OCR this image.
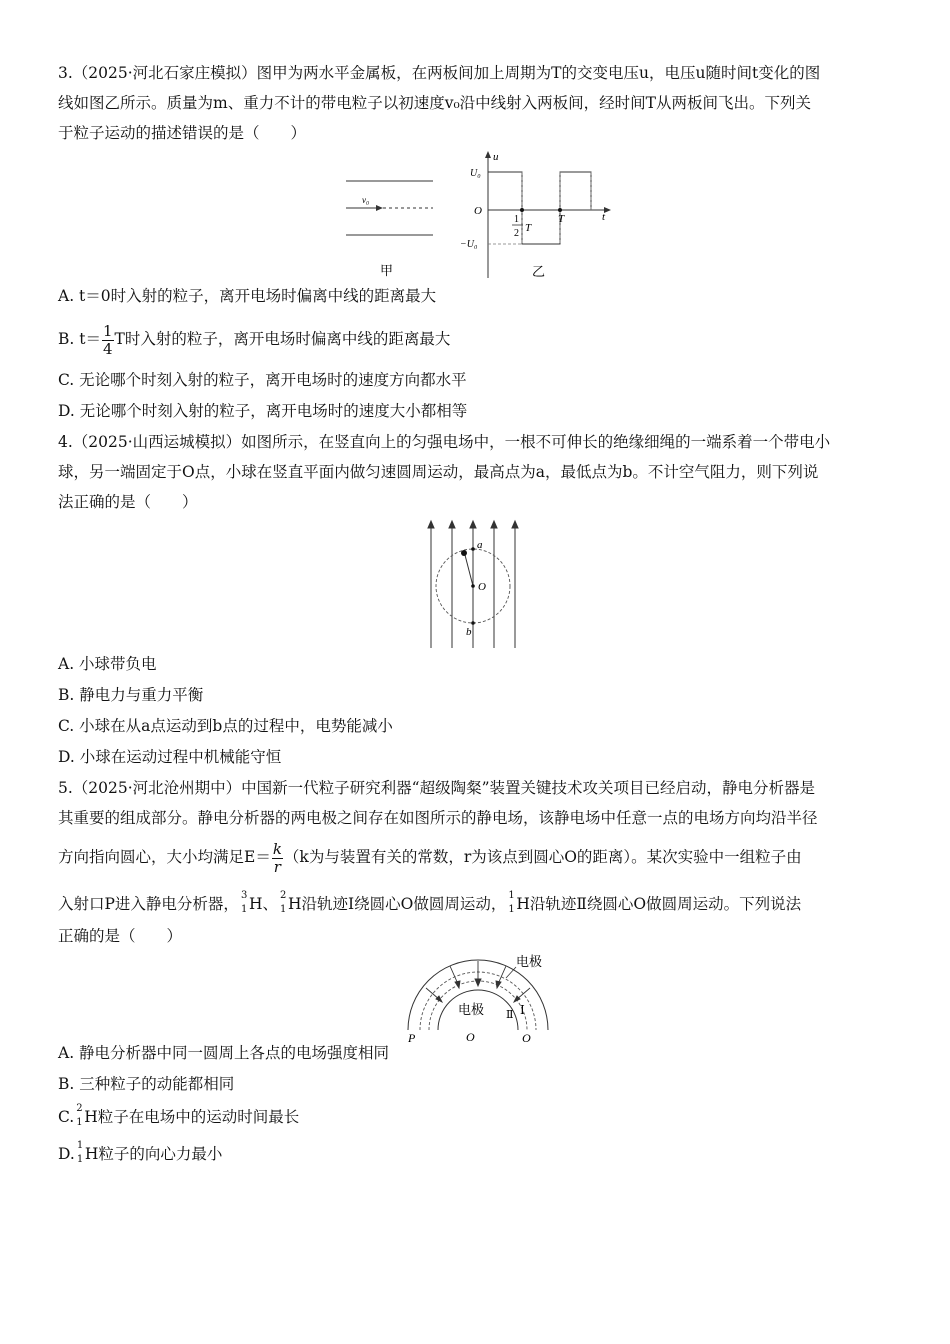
3.（2025·河北石家庄模拟）图甲为两水平金属板，在两板间加上周期为T的交变电压u，电压u随时间t变化的图
线如图乙所示。质量为m、重力不计的带电粒子以初速度v₀沿中线射入两板间，经时间T从两板间飞出。下列关
于粒子运动的描述错误的是（　　）
v₀
甲
u
t
O
U₀
−U₀
1
2 T
T
乙
A. t＝0时入射的粒子，离开电场时偏离中线的距离最大
B. $t= \frac{1}{4}$ T时入射的粒子，离开电场时偏离中线的距离最大
C. 无论哪个时刻入射的粒子，离开电场时的速度方向都水平
D. 无论哪个时刻入射的粒子，离开电场时的速度大小都相等
4.（2025·山西运城模拟）如图所示，在竖直向上的匀强电场中，一根不可伸长的绝缘细绳的一端系着一个带电小
球，另一端固定于O点，小球在竖直平面内做匀速圆周运动，最高点为a，最低点为b。不计空气阻力，则下列说
法正确的是（　　）
a
O
b
A. 小球带负电
B. 静电力与重力平衡
C. 小球在从a点运动到b点的过程中，电势能减小
D. 小球在运动过程中机械能守恒
5.（2025·河北沧州期中）中国新一代粒子研究利器“超级陶粲”装置关键技术攻关项目已经启动，静电分析器是
其重要的组成部分。静电分析器的两电极之间存在如图所示的静电场，该静电场中任意一点的电场方向均沿半径
方向指向圆心，大小均满足$E= \frac{k}{r} (k$为与装置有关的常数，r为该点到圆心O的距离）。某次实验中一组粒子由
入射口P进入静电分析器， 3
1 H、 2
1 H沿轨迹Ⅰ绕圆心O做圆周运动， 1
1 H沿轨迹Ⅱ绕圆心O做圆周运动。下列说法
正确的是（　　）
电极
电极	Ⅰ
Ⅱ
P	Q
O
A. 静电分析器中同一圆周上各点的电场强度相同
B. 三种粒子的动能都相同
C. 2
1 H粒子在电场中的运动时间最长
D. 1
1 H粒子的向心力最小
